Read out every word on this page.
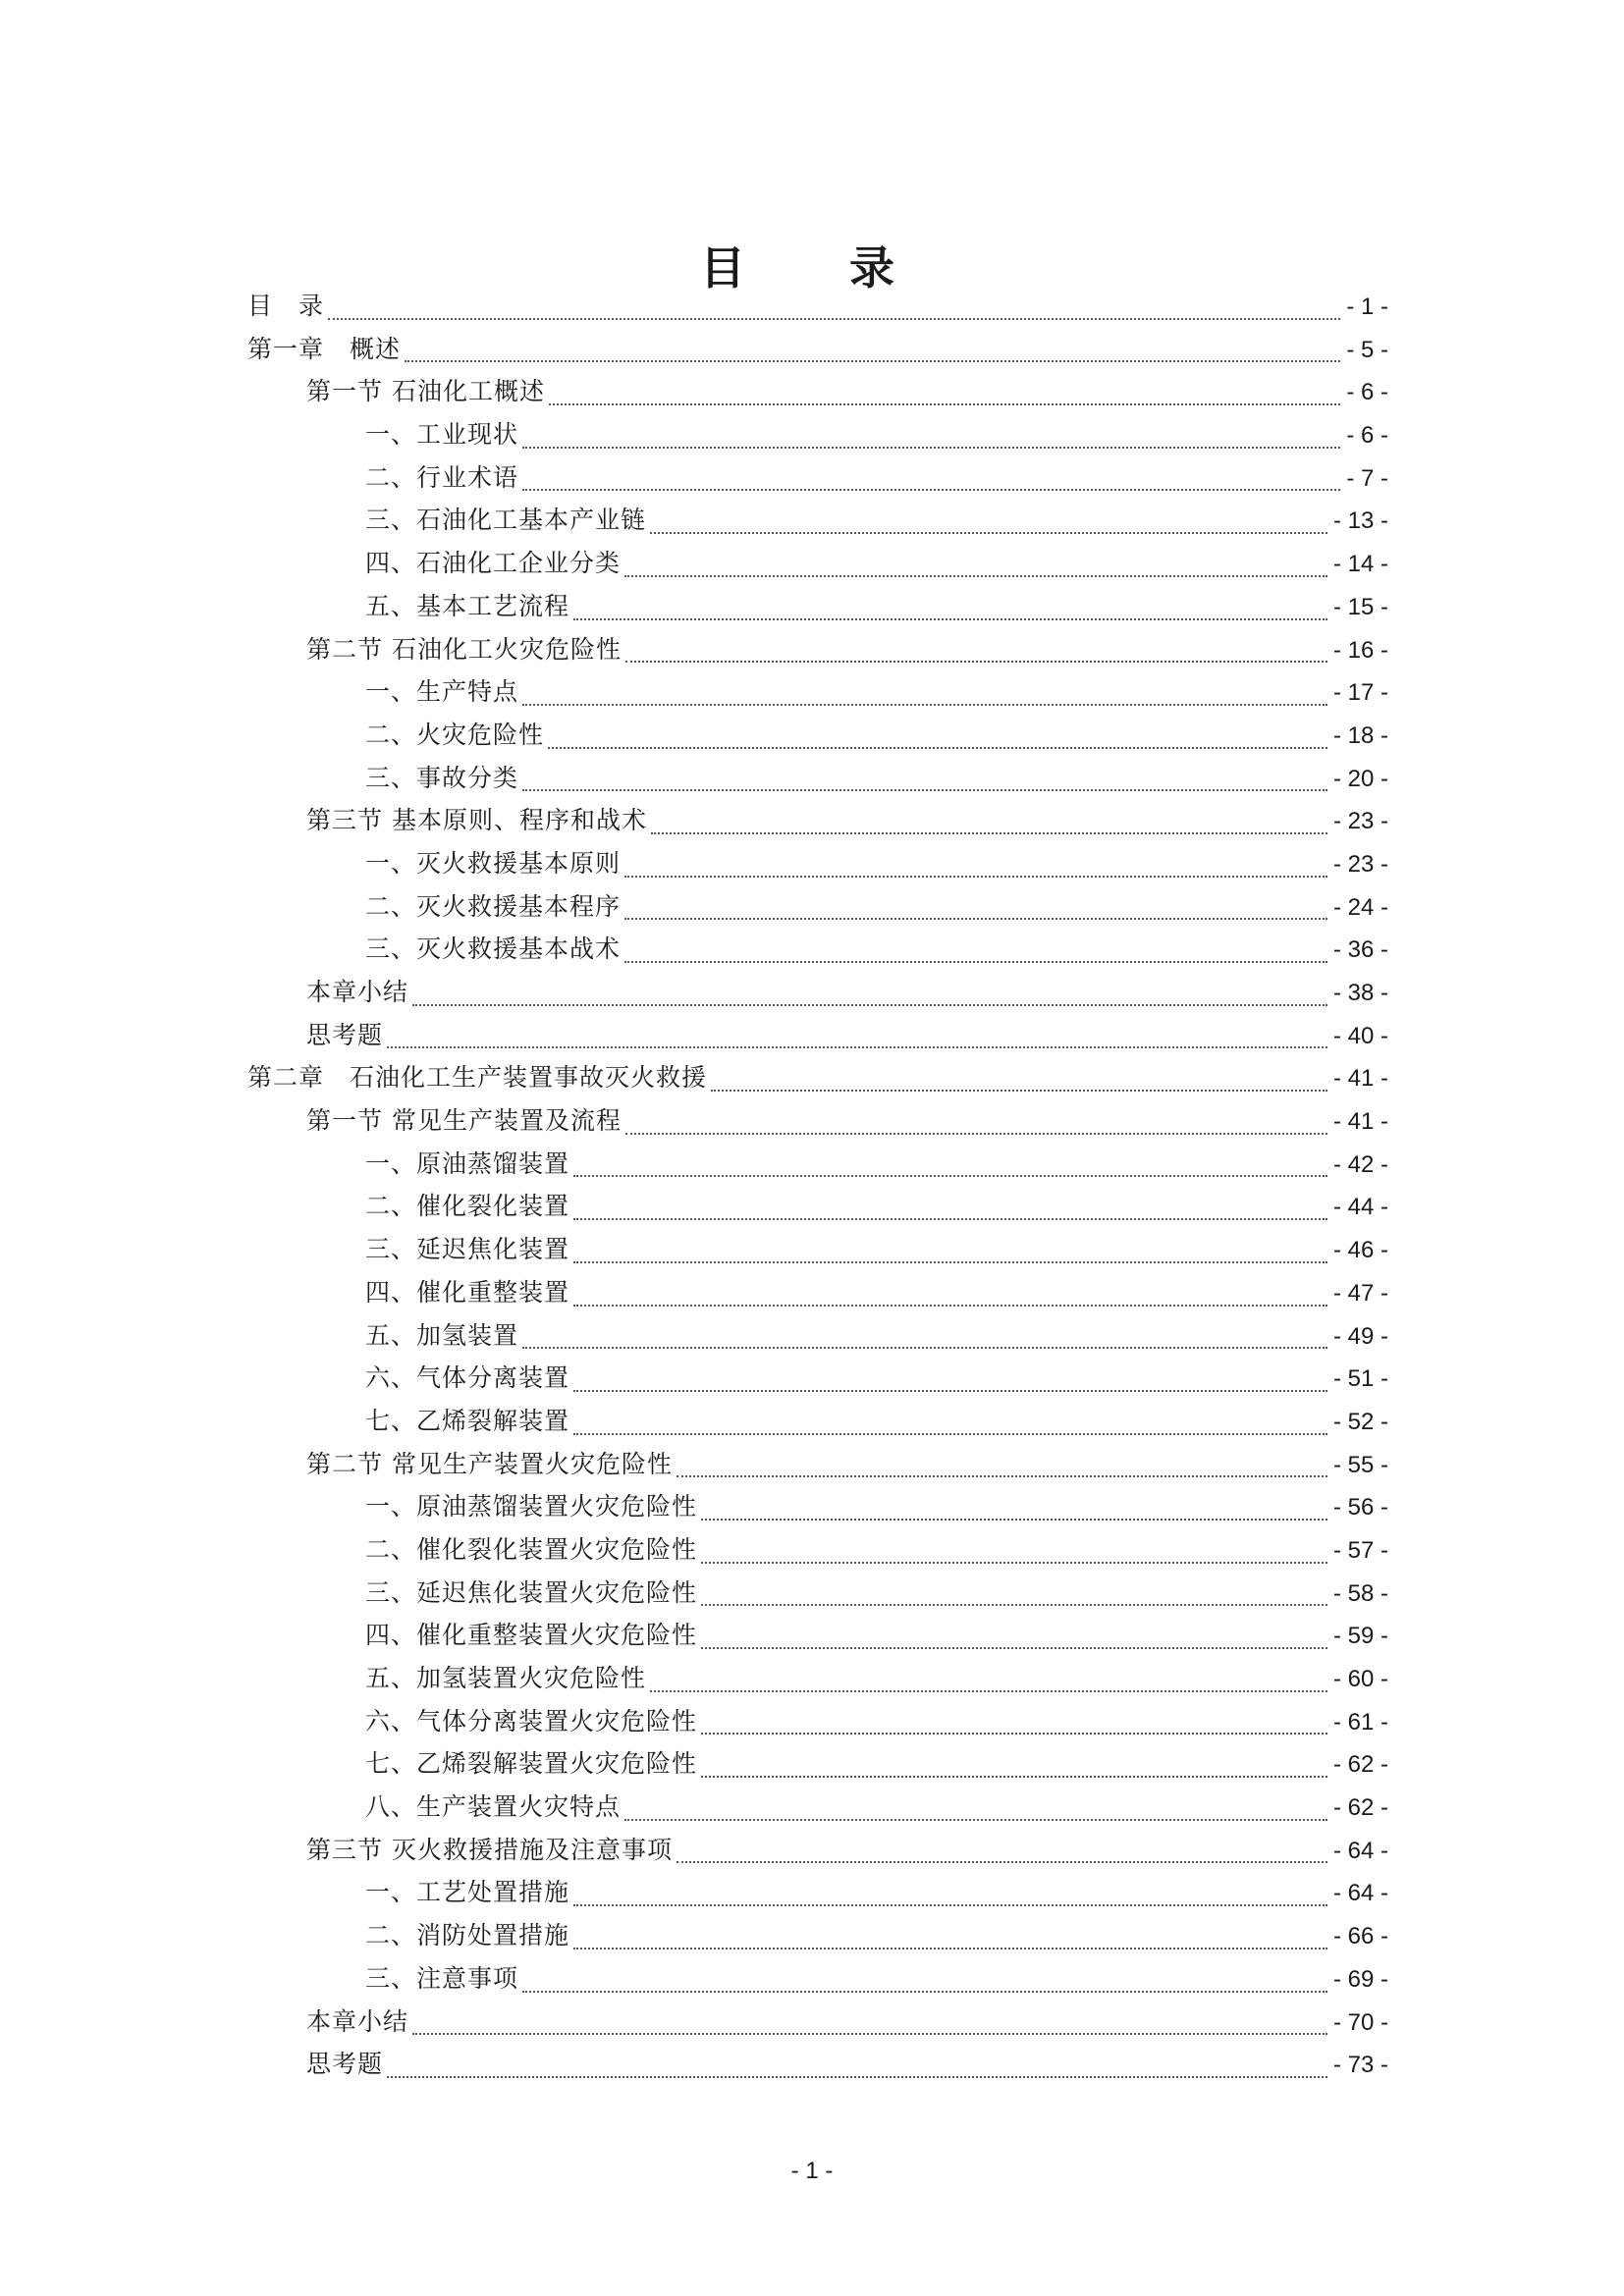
目　录
目　录	- 1 -
第一章　概述	- 5 -
第一节 石油化工概述	- 6 -
一、工业现状	- 6 -
二、行业术语	- 7 -
三、石油化工基本产业链	- 13 -
四、石油化工企业分类	- 14 -
五、基本工艺流程	- 15 -
第二节 石油化工火灾危险性	- 16 -
一、生产特点	- 17 -
二、火灾危险性	- 18 -
三、事故分类	- 20 -
第三节 基本原则、程序和战术	- 23 -
一、灭火救援基本原则	- 23 -
二、灭火救援基本程序	- 24 -
三、灭火救援基本战术	- 36 -
本章小结	- 38 -
思考题	- 40 -
第二章　石油化工生产装置事故灭火救援	- 41 -
第一节 常见生产装置及流程	- 41 -
一、原油蒸馏装置	- 42 -
二、催化裂化装置	- 44 -
三、延迟焦化装置	- 46 -
四、催化重整装置	- 47 -
五、加氢装置	- 49 -
六、气体分离装置	- 51 -
七、乙烯裂解装置	- 52 -
第二节 常见生产装置火灾危险性	- 55 -
一、原油蒸馏装置火灾危险性	- 56 -
二、催化裂化装置火灾危险性	- 57 -
三、延迟焦化装置火灾危险性	- 58 -
四、催化重整装置火灾危险性	- 59 -
五、加氢装置火灾危险性	- 60 -
六、气体分离装置火灾危险性	- 61 -
七、乙烯裂解装置火灾危险性	- 62 -
八、生产装置火灾特点	- 62 -
第三节 灭火救援措施及注意事项	- 64 -
一、工艺处置措施	- 64 -
二、消防处置措施	- 66 -
三、注意事项	- 69 -
本章小结	- 70 -
思考题	- 73 -
- 1 -
